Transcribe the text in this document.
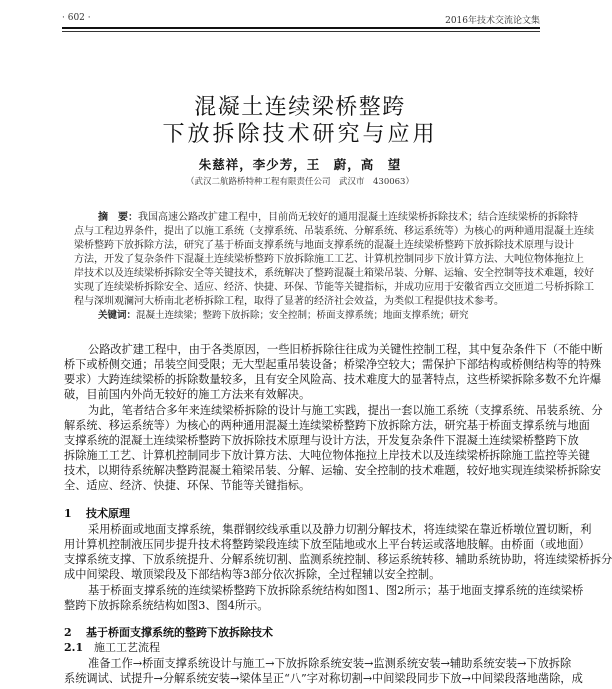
· 602 ·	2016年技术交流论文集
混凝土连续梁桥整跨
下放拆除技术研究与应用
朱慈祥，李少芳，王　蔚，高　望
（武汉二航路桥特种工程有限责任公司　武汉市　430063）
摘　要：我国高速公路改扩建工程中，目前尚无较好的通用混凝土连续梁桥拆除技术；结合连续梁桥的拆除特
点与工程边界条件，提出了以施工系统（支撑系统、吊装系统、分解系统、移运系统等）为核心的两种通用混凝土连续
梁桥整跨下放拆除方法，研究了基于桥面支撑系统与地面支撑系统的混凝土连续梁桥整跨下放拆除技术原理与设计
方法，开发了复杂条件下混凝土连续梁桥整跨下放拆除施工工艺、计算机控制同步下放计算方法、大吨位物体拖拉上
岸技术以及连续梁桥拆除安全等关键技术，系统解决了整跨混凝土箱梁吊装、分解、运输、安全控制等技术难题，较好
实现了连续梁桥拆除安全、适应、经济、快捷、环保、节能等关键指标，并成功应用于安徽省西立交匝道二号桥拆除工
程与深圳观澜河大桥南北老桥拆除工程，取得了显著的经济社会效益，为类似工程提供技术参考。
关键词：混凝土连续梁；整跨下放拆除；安全控制；桥面支撑系统；地面支撑系统；研究
公路改扩建工程中，由于各类原因，一些旧桥拆除往往成为关键性控制工程，其中复杂条件下（不能中断
桥下或桥侧交通；吊装空间受限；无大型起重吊装设备；桥梁净空较大；需保护下部结构或桥侧结构等的特殊
要求）大跨连续梁桥的拆除数量较多，且有安全风险高、技术难度大的显著特点，这些桥梁拆除多数不允许爆
破，目前国内外尚无较好的施工方法来有效解决。
为此，笔者结合多年来连续梁桥拆除的设计与施工实践，提出一套以施工系统（支撑系统、吊装系统、分
解系统、移运系统等）为核心的两种通用混凝土连续梁桥整跨下放拆除方法，研究基于桥面支撑系统与地面
支撑系统的混凝土连续梁桥整跨下放拆除技术原理与设计方法，开发复杂条件下混凝土连续梁桥整跨下放
拆除施工工艺、计算机控制同步下放计算方法、大吨位物体拖拉上岸技术以及连续梁桥拆除施工监控等关键
技术，以期待系统解决整跨混凝土箱梁吊装、分解、运输、安全控制的技术难题，较好地实现连续梁桥拆除安
全、适应、经济、快捷、环保、节能等关键指标。
1 技术原理
采用桥面或地面支撑系统，集群钢绞线承重以及静力切割分解技术，将连续梁在靠近桥墩位置切断，利
用计算机控制液压同步提升技术将整跨梁段连续下放至陆地或水上平台转运或落地肢解。由桥面（或地面）
支撑系统支撑、下放系统提升、分解系统切割、监测系统控制、移运系统转移、辅助系统协助，将连续梁桥拆分
成中间梁段、墩顶梁段及下部结构等3部分依次拆除，全过程辅以安全控制。
基于桥面支撑系统的连续梁桥整跨下放拆除系统结构如图1、图2所示；基于地面支撑系统的连续梁桥
整跨下放拆除系统结构如图3、图4所示。
2 基于桥面支撑系统的整跨下放拆除技术
2.1 施工工艺流程
准备工作→桥面支撑系统设计与施工→下放拆除系统安装→监测系统安装→辅助系统安装→下放拆除
系统调试、试提升→分解系统安装→梁体呈正“八”字对称切割→中间梁段同步下放→中间梁段落地凿除，成
